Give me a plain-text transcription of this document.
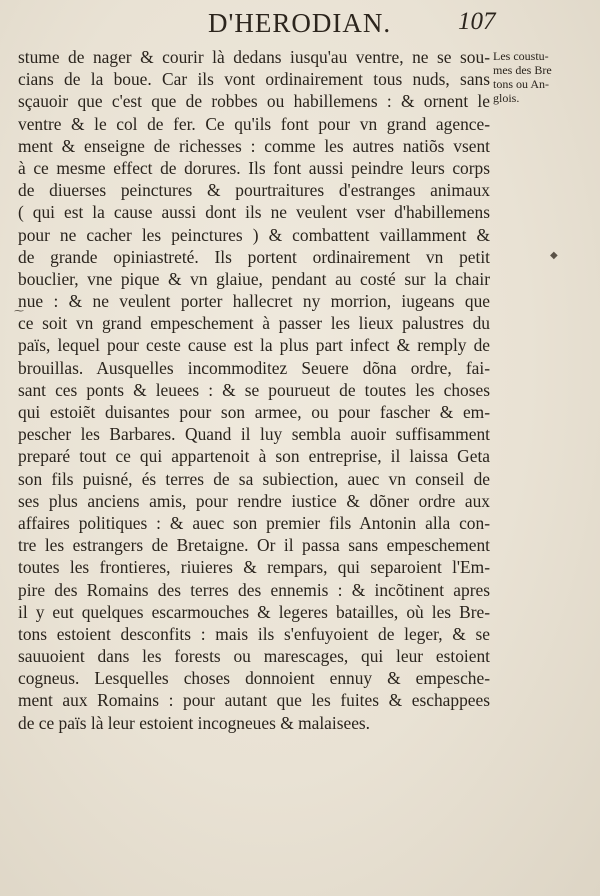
D'HERODIAN.	107
Les coustu-
mes des Bre
tons ou An-
glois.
◆
⁓
stume de nager & courir là dedans iusqu'au ventre, ne se sou-
cians de la boue. Car ils vont ordinairement tous nuds, sans
sçauoir que c'est que de robbes ou habillemens : & ornent le
ventre & le col de fer. Ce qu'ils font pour vn grand agence-
ment & enseigne de richesses : comme les autres natiõs vsent
à ce mesme effect de dorures. Ils font aussi peindre leurs corps
de diuerses peinctures & pourtraitures d'estranges animaux
( qui est la cause aussi dont ils ne veulent vser d'habillemens
pour ne cacher les peinctures ) & combattent vaillamment &
de grande opiniastreté. Ils portent ordinairement vn petit
bouclier, vne pique & vn glaiue, pendant au costé sur la chair
nue : & ne veulent porter hallecret ny morrion, iugeans que
ce soit vn grand empeschement à passer les lieux palustres du
païs, lequel pour ceste cause est la plus part infect & remply de
brouillas. Ausquelles incommoditez Seuere dõna ordre, fai-
sant ces ponts & leuees : & se pourueut de toutes les choses
qui estoiẽt duisantes pour son armee, ou pour fascher & em-
pescher les Barbares. Quand il luy sembla auoir suffisamment
preparé tout ce qui appartenoit à son entreprise, il laissa Geta
son fils puisné, és terres de sa subiection, auec vn conseil de
ses plus anciens amis, pour rendre iustice & dõner ordre aux
affaires politiques : & auec son premier fils Antonin alla con-
tre les estrangers de Bretaigne. Or il passa sans empeschement
toutes les frontieres, riuieres & rempars, qui separoient l'Em-
pire des Romains des terres des ennemis : & incõtinent apres
il y eut quelques escarmouches & legeres batailles, où les Bre-
tons estoient desconfits : mais ils s'enfuyoient de leger, & se
sauuoient dans les forests ou marescages, qui leur estoient
cogneus. Lesquelles choses donnoient ennuy & empesche-
ment aux Romains : pour autant que les fuites & eschappees
de ce païs là leur estoient incogneues & malaisees.
